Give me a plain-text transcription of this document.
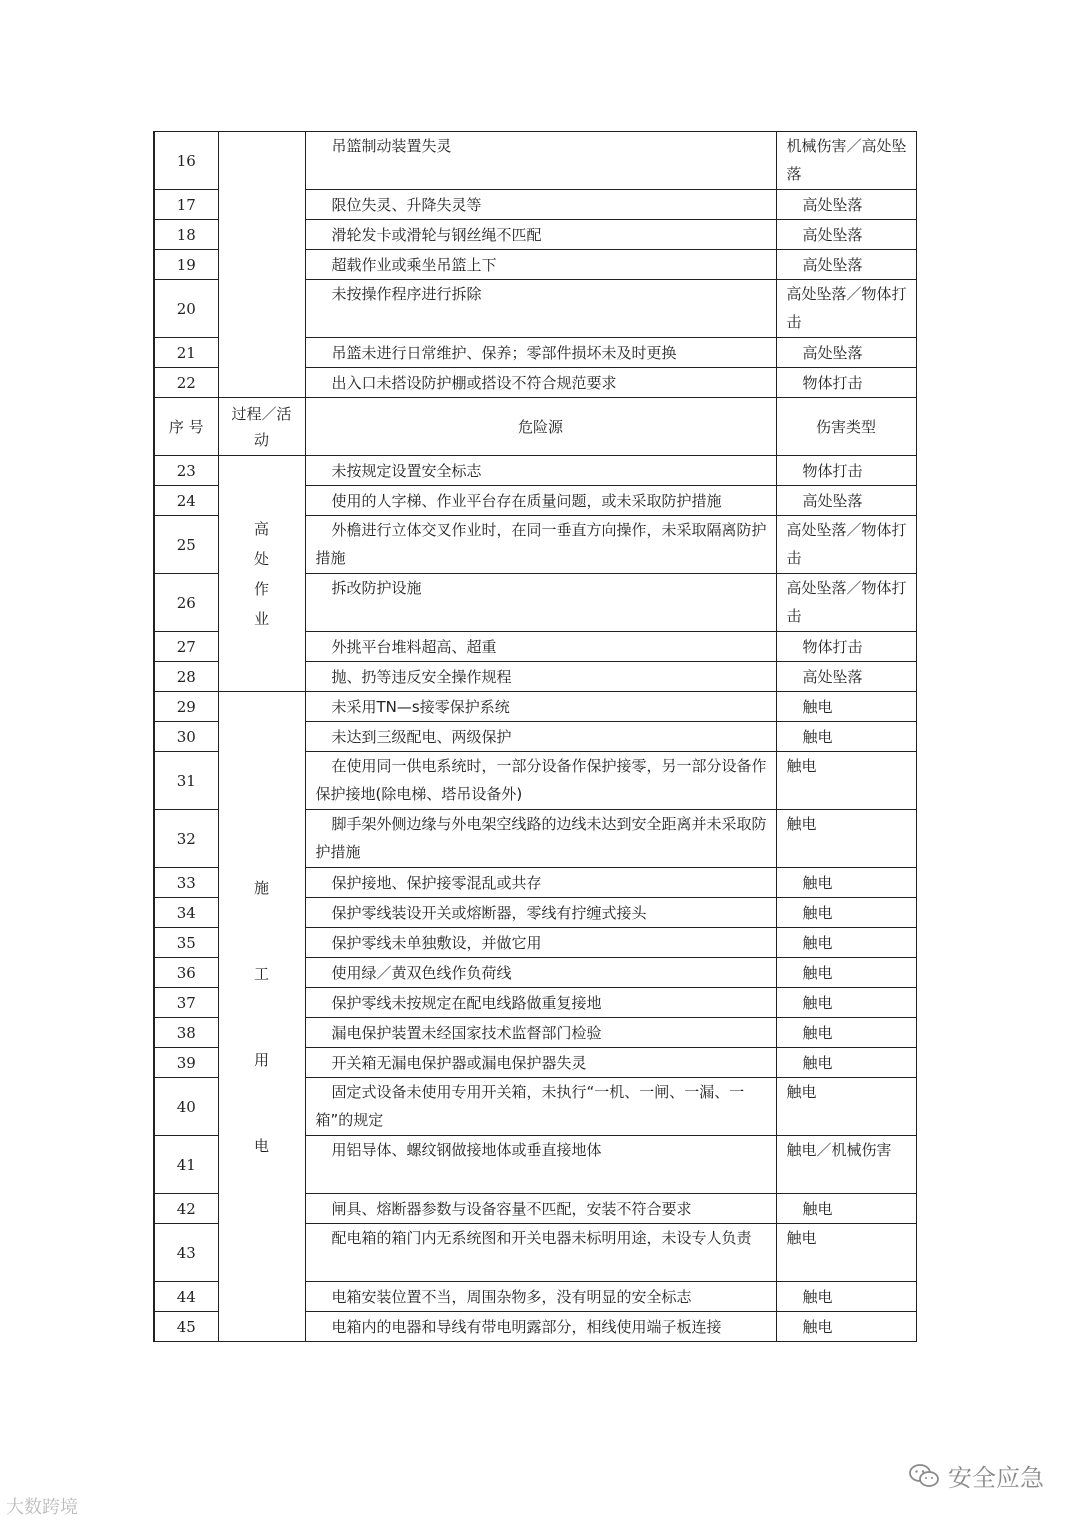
16		吊篮制动装置失灵	机械伤害／高处坠落
17		限位失灵、升降失灵等	高处坠落
18		滑轮发卡或滑轮与钢丝绳不匹配	高处坠落
19		超载作业或乘坐吊篮上下	高处坠落
20		未按操作程序进行拆除	高处坠落／物体打击
21		吊篮未进行日常维护、保养；零部件损坏未及时更换	高处坠落
22		出入口未搭设防护棚或搭设不符合规范要求	物体打击
序 号	过程／活动	危险源	伤害类型
23	高处作业	未按规定设置安全标志	物体打击
24		使用的人字梯、作业平台存在质量问题，或未采取防护措施	高处坠落
25		外檐进行立体交叉作业时，在同一垂直方向操作，未采取隔离防护措施	高处坠落／物体打击
26		拆改防护设施	高处坠落／物体打击
27		外挑平台堆料超高、超重	物体打击
28		抛、扔等违反安全操作规程	高处坠落
29	施工用电	未采用TN—s接零保护系统	触电
30		未达到三级配电、两级保护	触电
31		在使用同一供电系统时，一部分设备作保护接零，另一部分设备作保护接地(除电梯、塔吊设备外)	触电
32		脚手架外侧边缘与外电架空线路的边线未达到安全距离并未采取防护措施	触电
33		保护接地、保护接零混乱或共存	触电
34		保护零线装设开关或熔断器，零线有拧缠式接头	触电
35		保护零线未单独敷设，并做它用	触电
36		使用绿／黄双色线作负荷线	触电
37		保护零线未按规定在配电线路做重复接地	触电
38		漏电保护装置未经国家技术监督部门检验	触电
39		开关箱无漏电保护器或漏电保护器失灵	触电
40		固定式设备未使用专用开关箱，未执行“一机、一闸、一漏、一箱”的规定	触电
41		用铝导体、螺纹钢做接地体或垂直接地体	触电／机械伤害
42		闸具、熔断器参数与设备容量不匹配，安装不符合要求	触电
43		配电箱的箱门内无系统图和开关电器未标明用途，未设专人负责	触电
44		电箱安装位置不当，周围杂物多，没有明显的安全标志	触电
45		电箱内的电器和导线有带电明露部分，相线使用端子板连接	触电
大数跨境
安全应急
